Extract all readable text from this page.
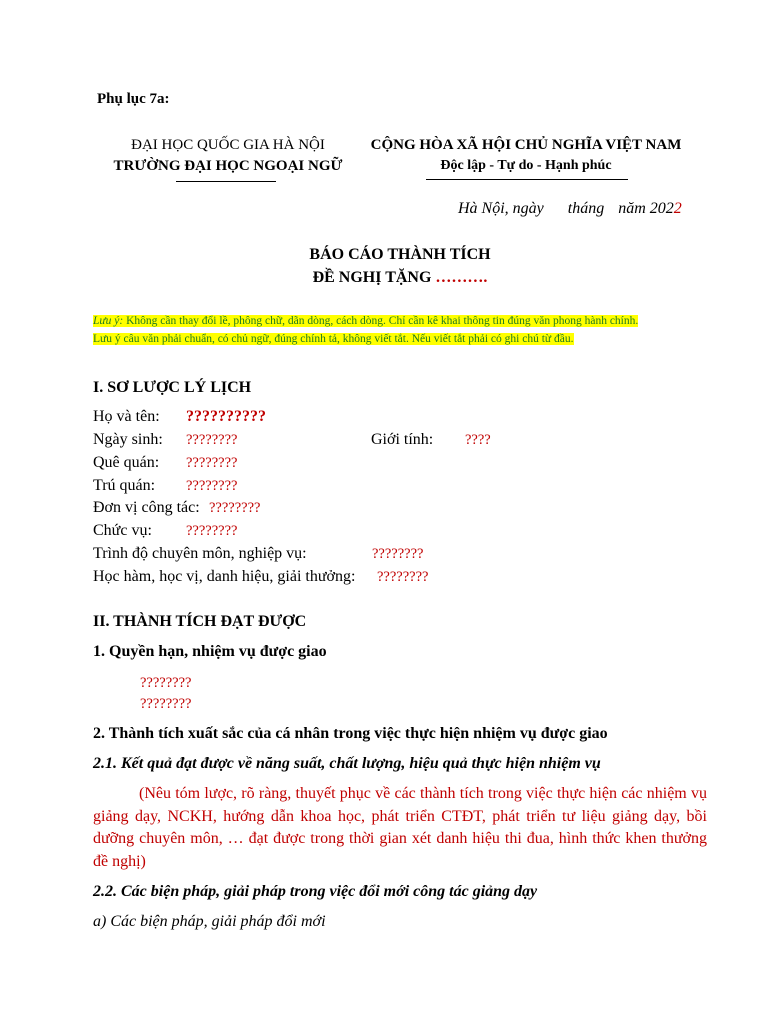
Phụ lục 7a:
ĐẠI HỌC QUỐC GIA HÀ NỘI
TRƯỜNG ĐẠI HỌC NGOẠI NGỮ
CỘNG HÒA XÃ HỘI CHỦ NGHĨA VIỆT NAM
Độc lập - Tự do - Hạnh phúc
Hà Nội, ngày tháng năm 2022
BÁO CÁO THÀNH TÍCH
ĐỀ NGHỊ TẶNG ……….
Lưu ý: Không cần thay đổi lề, phông chữ, dãn dòng, cách dòng. Chỉ cần kê khai thông tin đúng văn phong hành chính.
Lưu ý câu văn phải chuẩn, có chủ ngữ, đúng chính tả, không viết tắt. Nếu viết tắt phải có ghi chú từ đầu.
I. SƠ LƯỢC LÝ LỊCH
Họ và tên: ??????????
Ngày sinh: ????????	Giới tính: ????
Quê quán: ????????
Trú quán: ????????
Đơn vị công tác: ????????
Chức vụ: ????????
Trình độ chuyên môn, nghiệp vụ:	????????
Học hàm, học vị, danh hiệu, giải thưởng: ????????
II. THÀNH TÍCH ĐẠT ĐƯỢC
1. Quyền hạn, nhiệm vụ được giao
????????
????????
2. Thành tích xuất sắc của cá nhân trong việc thực hiện nhiệm vụ được giao
2.1. Kết quả đạt được về năng suất, chất lượng, hiệu quả thực hiện nhiệm vụ
(Nêu tóm lược, rõ ràng, thuyết phục về các thành tích trong việc thực hiện các nhiệm vụ giảng dạy, NCKH, hướng dẫn khoa học, phát triển CTĐT, phát triển tư liệu giảng dạy, bồi dưỡng chuyên môn, … đạt được trong thời gian xét danh hiệu thi đua, hình thức khen thưởng đề nghị)
2.2. Các biện pháp, giải pháp trong việc đổi mới công tác giảng dạy
a) Các biện pháp, giải pháp đổi mới
